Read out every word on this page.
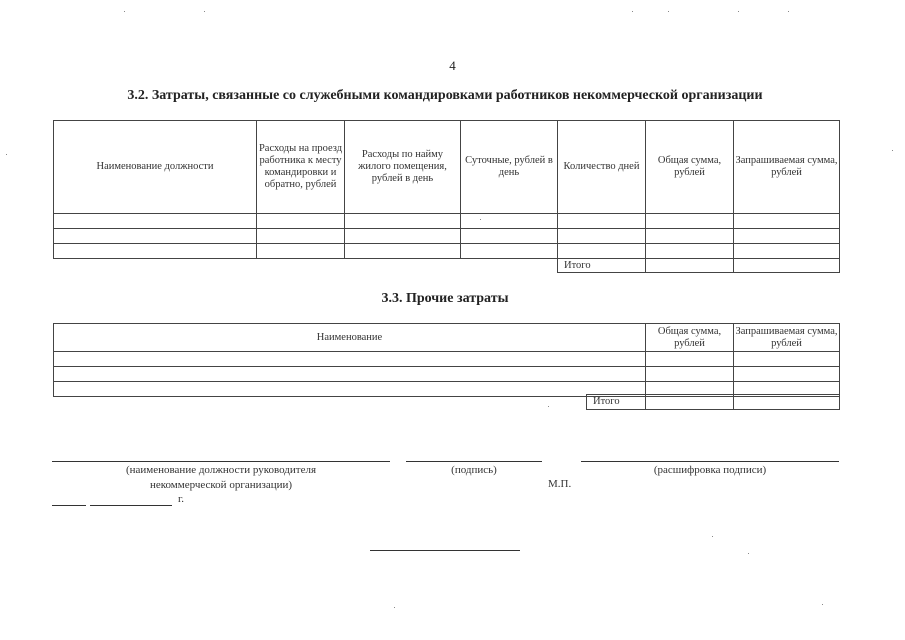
4
3.2. Затраты, связанные со служебными командировками работников некоммерческой организации
Наименование должности	Расходы на проезд работника к месту командировки и обратно, рублей	Расходы по найму жилого помещения, рублей в день	Суточные, рублей в день	Количество дней	Общая сумма, рублей	Запрашиваемая сумма, рублей

				Итого		
3.3. Прочие затраты
Наименование	Общая сумма, рублей	Запрашиваемая сумма, рублей

Итого		
(наименование должности руководителя
некоммерческой организации)
(подпись)	(расшифровка подписи)
М.П.
г.
